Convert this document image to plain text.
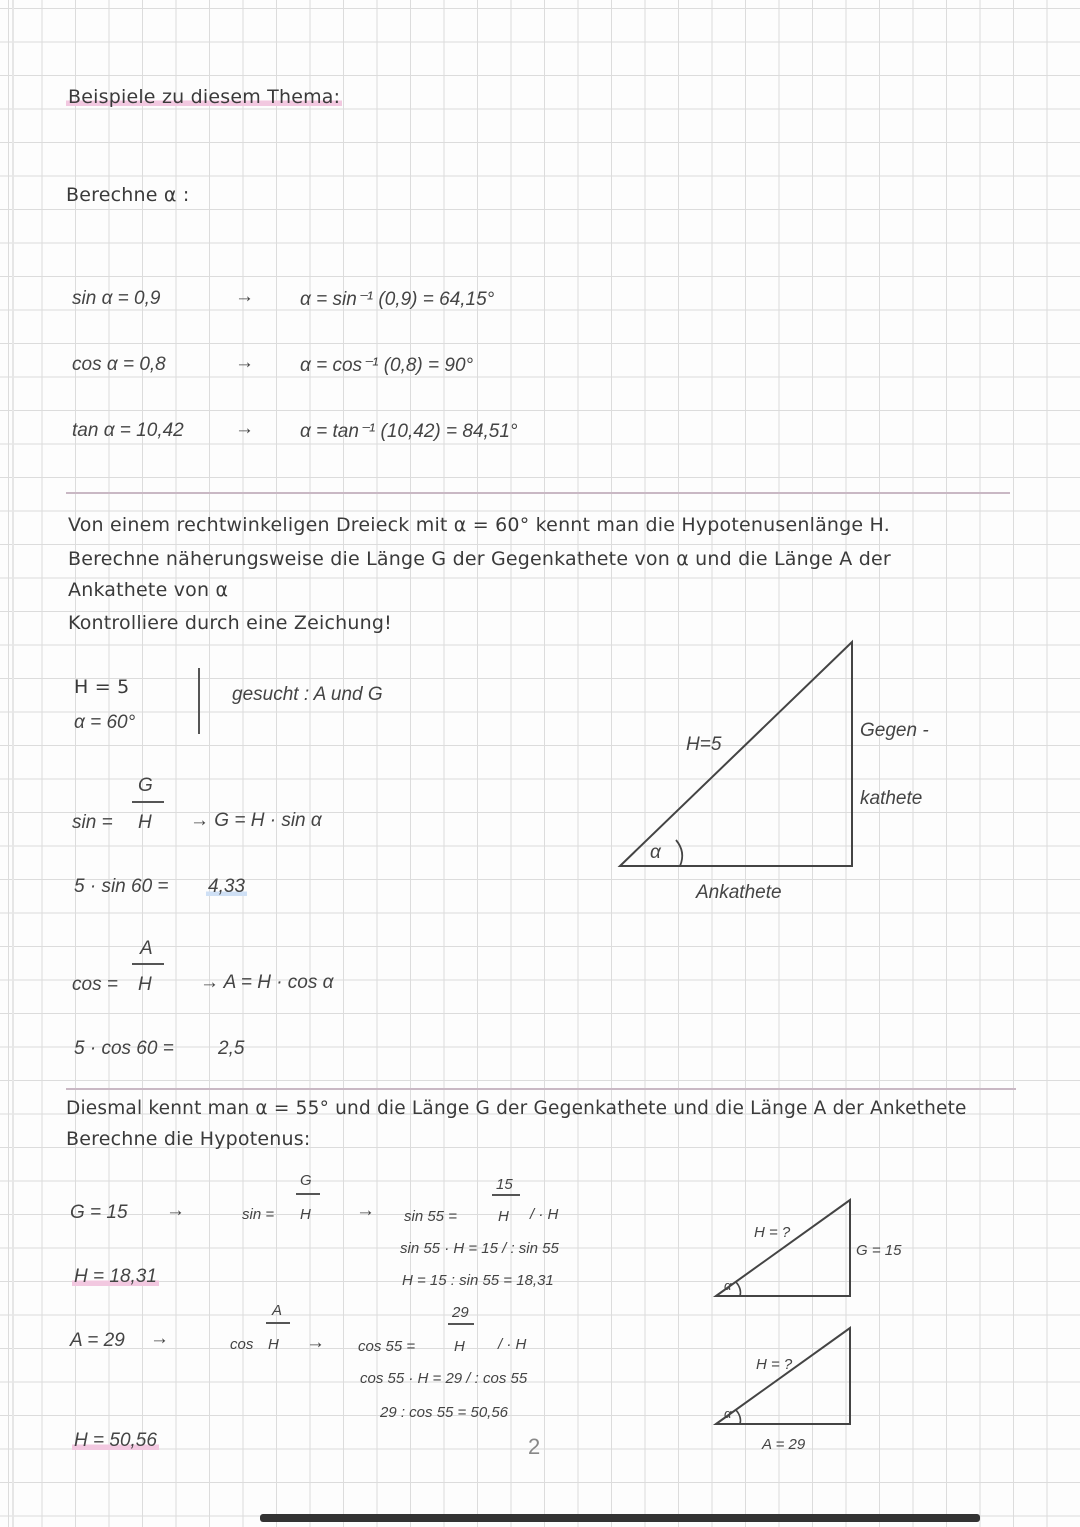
Beispiele zu diesem Thema:
Berechne α :
sin α = 0,9	→ α = sin⁻¹ (0,9) = 64,15°
cos α = 0,8	→ α = cos⁻¹ (0,8) = 90°
tan α = 10,42	→ α = tan⁻¹ (10,42) = 84,51°
Von einem rechtwinkeligen Dreieck mit α = 60° kennt man die Hypotenusenlänge H.
Berechne näherungsweise die Länge G der Gegenkathete von α und die Länge A der
Ankathete von α
Kontrolliere durch eine Zeichung!
H = 5
α = 60°
gesucht : A und G
sin =
G
H → G = H · sin α
5 · sin 60 = 4,33
cos =
A
H	→ A = H · cos α
5 · cos 60 = 2,5
H=5
Gegen -
kathete
Ankathete
α
Diesmal kennt man α = 55° und die Länge G der Gegenkathete und die Länge A der Ankethete
Berechne die Hypotenus:
G = 15 →
H = 18,31
A = 29 →
H = 50,56
sin =
G
H → sin 55 =
15
H / · H
sin 55 · H = 15 / : sin 55
H = 15 : sin 55 = 18,31
cos
A
H → cos 55 =
29
H / · H
cos 55 · H = 29 / : cos 55
29 : cos 55 = 50,56
H = ?
G = 15
α
H = ?
A = 29
α
2
